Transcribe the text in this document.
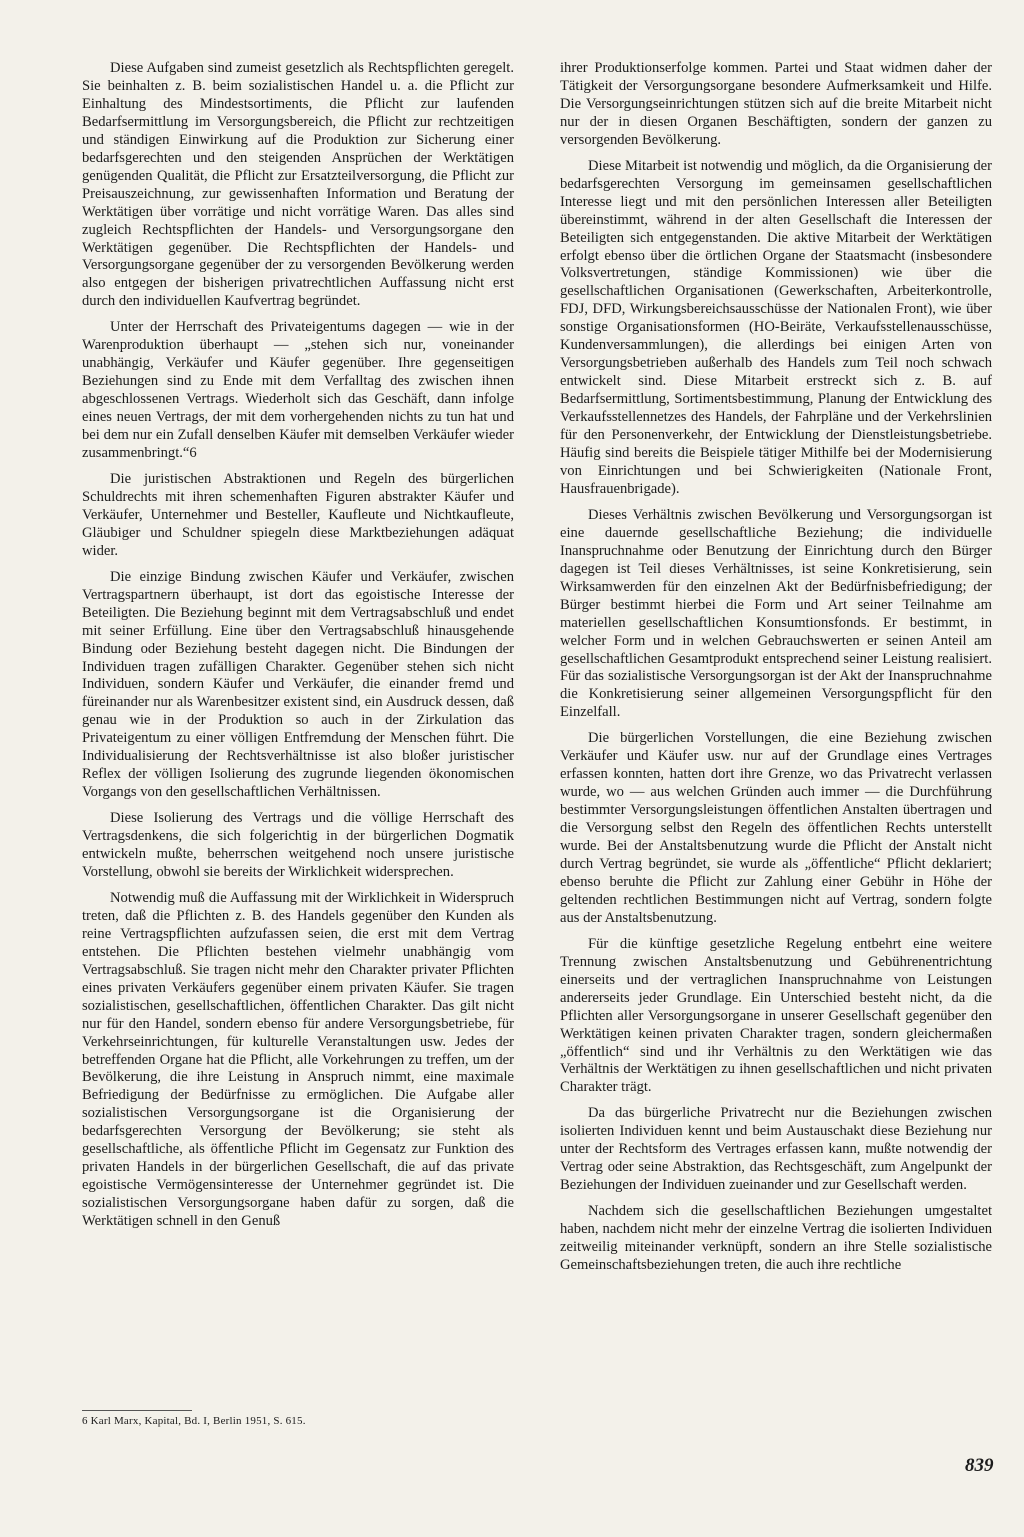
Diese Aufgaben sind zumeist gesetzlich als Rechtspflichten geregelt. Sie beinhalten z. B. beim sozialistischen Handel u. a. die Pflicht zur Einhaltung des Mindestsortiments, die Pflicht zur laufenden Bedarfsermittlung im Versorgungsbereich, die Pflicht zur rechtzeitigen und ständigen Einwirkung auf die Produktion zur Sicherung einer bedarfsgerechten und den steigenden Ansprüchen der Werktätigen genügenden Qualität, die Pflicht zur Ersatzteilversorgung, die Pflicht zur Preisauszeichnung, zur gewissenhaften Information und Beratung der Werktätigen über vorrätige und nicht vorrätige Waren. Das alles sind zugleich Rechtspflichten der Handels- und Versorgungsorgane den Werktätigen gegenüber. Die Rechtspflichten der Handels- und Versorgungsorgane gegenüber der zu versorgenden Bevölkerung werden also entgegen der bisherigen privatrechtlichen Auffassung nicht erst durch den individuellen Kaufvertrag begründet.

Unter der Herrschaft des Privateigentums dagegen — wie in der Warenproduktion überhaupt — „stehen sich nur, voneinander unabhängig, Verkäufer und Käufer gegenüber. Ihre gegenseitigen Beziehungen sind zu Ende mit dem Verfalltag des zwischen ihnen abgeschlossenen Vertrags. Wiederholt sich das Geschäft, dann infolge eines neuen Vertrags, der mit dem vorhergehenden nichts zu tun hat und bei dem nur ein Zufall denselben Käufer mit demselben Verkäufer wieder zusammenbringt.“6

Die juristischen Abstraktionen und Regeln des bürgerlichen Schuldrechts mit ihren schemenhaften Figuren abstrakter Käufer und Verkäufer, Unternehmer und Besteller, Kaufleute und Nichtkaufleute, Gläubiger und Schuldner spiegeln diese Marktbeziehungen adäquat wider.

Die einzige Bindung zwischen Käufer und Verkäufer, zwischen Vertragspartnern überhaupt, ist dort das egoistische Interesse der Beteiligten. Die Beziehung beginnt mit dem Vertragsabschluß und endet mit seiner Erfüllung. Eine über den Vertragsabschluß hinausgehende Bindung oder Beziehung besteht dagegen nicht. Die Bindungen der Individuen tragen zufälligen Charakter. Gegenüber stehen sich nicht Individuen, sondern Käufer und Verkäufer, die einander fremd und füreinander nur als Warenbesitzer existent sind, ein Ausdruck dessen, daß genau wie in der Produktion so auch in der Zirkulation das Privateigentum zu einer völligen Entfremdung der Menschen führt. Die Individualisierung der Rechtsverhältnisse ist also bloßer juristischer Reflex der völligen Isolierung des zugrunde liegenden ökonomischen Vorgangs von den gesellschaftlichen Verhältnissen.

Diese Isolierung des Vertrags und die völlige Herrschaft des Vertragsdenkens, die sich folgerichtig in der bürgerlichen Dogmatik entwickeln mußte, beherrschen weitgehend noch unsere juristische Vorstellung, obwohl sie bereits der Wirklichkeit widersprechen.

Notwendig muß die Auffassung mit der Wirklichkeit in Widerspruch treten, daß die Pflichten z. B. des Handels gegenüber den Kunden als reine Vertragspflichten aufzufassen seien, die erst mit dem Vertrag entstehen. Die Pflichten bestehen vielmehr unabhängig vom Vertragsabschluß. Sie tragen nicht mehr den Charakter privater Pflichten eines privaten Verkäufers gegenüber einem privaten Käufer. Sie tragen sozialistischen, gesellschaftlichen, öffentlichen Charakter. Das gilt nicht nur für den Handel, sondern ebenso für andere Versorgungsbetriebe, für Verkehrseinrichtungen, für kulturelle Veranstaltungen usw. Jedes der betreffenden Organe hat die Pflicht, alle Vorkehrungen zu treffen, um der Bevölkerung, die ihre Leistung in Anspruch nimmt, eine maximale Befriedigung der Bedürfnisse zu ermöglichen. Die Aufgabe aller sozialistischen Versorgungsorgane ist die Organisierung der bedarfsgerechten Versorgung der Bevölkerung; sie steht als gesellschaftliche, als öffentliche Pflicht im Gegensatz zur Funktion des privaten Handels in der bürgerlichen Gesellschaft, die auf das private egoistische Vermögensinteresse der Unternehmer gegründet ist. Die sozialistischen Versorgungsorgane haben dafür zu sorgen, daß die Werktätigen schnell in den Genuß

ihrer Produktionserfolge kommen. Partei und Staat widmen daher der Tätigkeit der Versorgungsorgane besondere Aufmerksamkeit und Hilfe. Die Versorgungseinrichtungen stützen sich auf die breite Mitarbeit nicht nur der in diesen Organen Beschäftigten, sondern der ganzen zu versorgenden Bevölkerung.

Diese Mitarbeit ist notwendig und möglich, da die Organisierung der bedarfsgerechten Versorgung im gemeinsamen gesellschaftlichen Interesse liegt und mit den persönlichen Interessen aller Beteiligten übereinstimmt, während in der alten Gesellschaft die Interessen der Beteiligten sich entgegenstanden. Die aktive Mitarbeit der Werktätigen erfolgt ebenso über die örtlichen Organe der Staatsmacht (insbesondere Volksvertretungen, ständige Kommissionen) wie über die gesellschaftlichen Organisationen (Gewerkschaften, Arbeiterkontrolle, FDJ, DFD, Wirkungsbereichsausschüsse der Nationalen Front), wie über sonstige Organisationsformen (HO-Beiräte, Verkaufsstellenausschüsse, Kundenversammlungen), die allerdings bei einigen Arten von Versorgungsbetrieben außerhalb des Handels zum Teil noch schwach entwickelt sind. Diese Mitarbeit erstreckt sich z. B. auf Bedarfsermittlung, Sortimentsbestimmung, Planung der Entwicklung des Verkaufsstellennetzes des Handels, der Fahrpläne und der Verkehrslinien für den Personenverkehr, der Entwicklung der Dienstleistungsbetriebe. Häufig sind bereits die Beispiele tätiger Mithilfe bei der Modernisierung von Einrichtungen und bei Schwierigkeiten (Nationale Front, Hausfrauenbrigade).

Dieses Verhältnis zwischen Bevölkerung und Versorgungsorgan ist eine dauernde gesellschaftliche Beziehung; die individuelle Inanspruchnahme oder Benutzung der Einrichtung durch den Bürger dagegen ist Teil dieses Verhältnisses, ist seine Konkretisierung, sein Wirksamwerden für den einzelnen Akt der Bedürfnisbefriedigung; der Bürger bestimmt hierbei die Form und Art seiner Teilnahme am materiellen gesellschaftlichen Konsumtionsfonds. Er bestimmt, in welcher Form und in welchen Gebrauchswerten er seinen Anteil am gesellschaftlichen Gesamtprodukt entsprechend seiner Leistung realisiert. Für das sozialistische Versorgungsorgan ist der Akt der Inanspruchnahme die Konkretisierung seiner allgemeinen Versorgungspflicht für den Einzelfall.

Die bürgerlichen Vorstellungen, die eine Beziehung zwischen Verkäufer und Käufer usw. nur auf der Grundlage eines Vertrages erfassen konnten, hatten dort ihre Grenze, wo das Privatrecht verlassen wurde, wo — aus welchen Gründen auch immer — die Durchführung bestimmter Versorgungsleistungen öffentlichen Anstalten übertragen und die Versorgung selbst den Regeln des öffentlichen Rechts unterstellt wurde. Bei der Anstaltsbenutzung wurde die Pflicht der Anstalt nicht durch Vertrag begründet, sie wurde als „öffentliche“ Pflicht deklariert; ebenso beruhte die Pflicht zur Zahlung einer Gebühr in Höhe der geltenden rechtlichen Bestimmungen nicht auf Vertrag, sondern folgte aus der Anstaltsbenutzung.

Für die künftige gesetzliche Regelung entbehrt eine weitere Trennung zwischen Anstaltsbenutzung und Gebührenentrichtung einerseits und der vertraglichen Inanspruchnahme von Leistungen andererseits jeder Grundlage. Ein Unterschied besteht nicht, da die Pflichten aller Versorgungsorgane in unserer Gesellschaft gegenüber den Werktätigen keinen privaten Charakter tragen, sondern gleichermaßen „öffentlich“ sind und ihr Verhältnis zu den Werktätigen wie das Verhältnis der Werktätigen zu ihnen gesellschaftlichen und nicht privaten Charakter trägt.

Da das bürgerliche Privatrecht nur die Beziehungen zwischen isolierten Individuen kennt und beim Austauschakt diese Beziehung nur unter der Rechtsform des Vertrages erfassen kann, mußte notwendig der Vertrag oder seine Abstraktion, das Rechtsgeschäft, zum Angelpunkt der Beziehungen der Individuen zueinander und zur Gesellschaft werden.

Nachdem sich die gesellschaftlichen Beziehungen umgestaltet haben, nachdem nicht mehr der einzelne Vertrag die isolierten Individuen zeitweilig miteinander verknüpft, sondern an ihre Stelle sozialistische Gemeinschaftsbeziehungen treten, die auch ihre rechtliche

6 Karl Marx, Kapital, Bd. I, Berlin 1951, S. 615.
839
